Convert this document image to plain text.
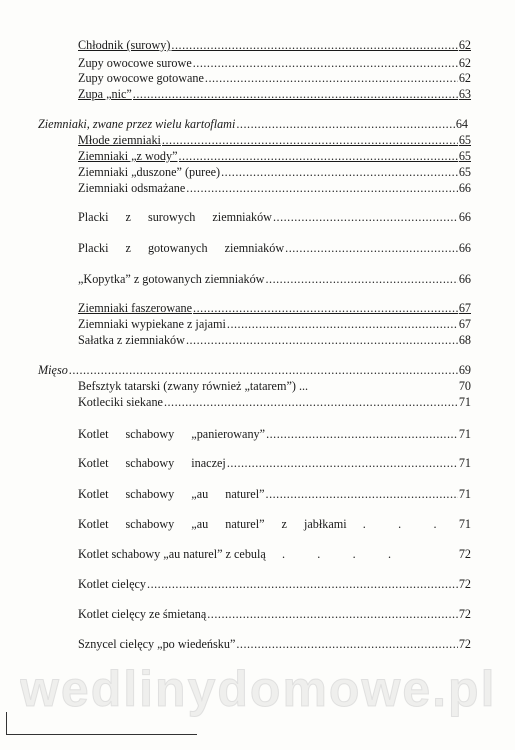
Chłodnik (surowy) .....	62
Zupy owocowe surowe .....	62
Zupy owocowe gotowane .....	62
Zupa „nic” .....	63
Ziemniaki, zwane przez wielu kartoflami .....	64
Młode ziemniaki .....	65
Ziemniaki „z wody” .....	65
Ziemniaki „duszone” (puree) .....	65
Ziemniaki odsmażane .....	66
Placki z surowych ziemniaków .....	66
Placki z gotowanych ziemniaków .....	66
„Kopytka” z gotowanych ziemniaków .....	66
Ziemniaki faszerowane .....	67
Ziemniaki wypiekane z jajami .....	67
Sałatka z ziemniaków .....	68
Mięso .....	69
Befsztyk tatarski (zwany również „tatarem”) ...	70
Kotleciki siekane .....	71
Kotlet schabowy „panierowany” .....	71
Kotlet schabowy inaczej .....	71
Kotlet schabowy „au naturel” .....	71
Kotlet schabowy „au naturel” z jabłkami .	71
Kotlet schabowy „au naturel” z cebulą .	72
Kotlet cielęcy .....	72
Kotlet cielęcy ze śmietaną .....	72
Sznycel cielęcy „po wiedeńsku” .....	72
wedlinydomowe.pl
